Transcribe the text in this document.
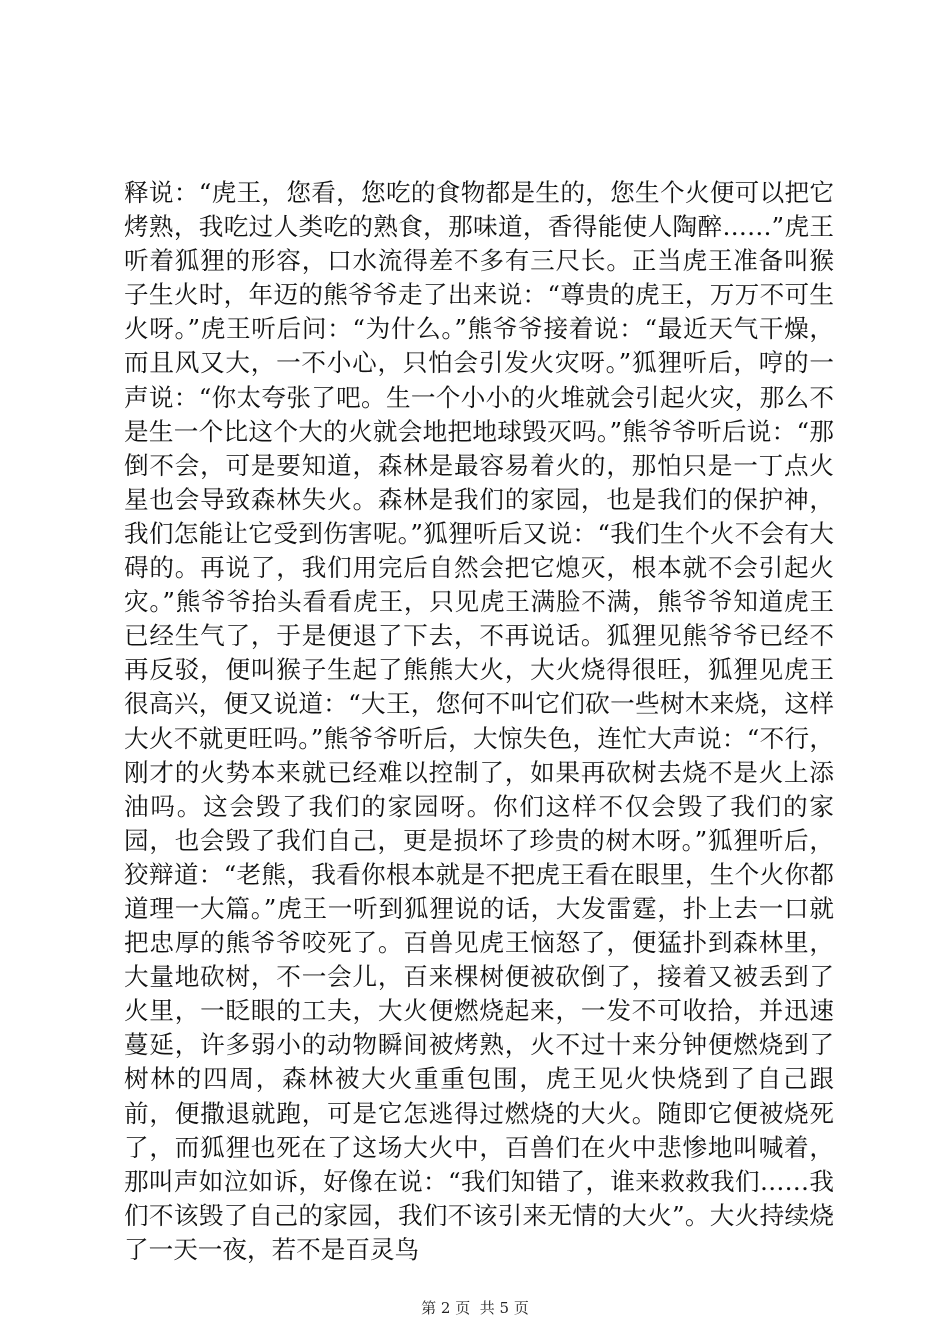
释说：“虎王，您看，您吃的食物都是生的，您生个火便可以把它烤熟，我吃过人类吃的熟食，那味道，香得能使人陶醉……”虎王听着狐狸的形容，口水流得差不多有三尺长。正当虎王准备叫猴子生火时，年迈的熊爷爷走了出来说：“尊贵的虎王，万万不可生火呀。”虎王听后问：“为什么。”熊爷爷接着说：“最近天气干燥，而且风又大，一不小心，只怕会引发火灾呀。”狐狸听后，哼的一声说：“你太夸张了吧。生一个小小的火堆就会引起火灾，那么不是生一个比这个大的火就会地把地球毁灭吗。”熊爷爷听后说：“那倒不会，可是要知道，森林是最容易着火的，那怕只是一丁点火星也会导致森林失火。森林是我们的家园，也是我们的保护神，我们怎能让它受到伤害呢。”狐狸听后又说：“我们生个火不会有大碍的。再说了，我们用完后自然会把它熄灭，根本就不会引起火灾。”熊爷爷抬头看看虎王，只见虎王满脸不满，熊爷爷知道虎王已经生气了，于是便退了下去，不再说话。狐狸见熊爷爷已经不再反驳，便叫猴子生起了熊熊大火，大火烧得很旺，狐狸见虎王很高兴，便又说道：“大王，您何不叫它们砍一些树木来烧，这样大火不就更旺吗。”熊爷爷听后，大惊失色，连忙大声说：“不行，刚才的火势本来就已经难以控制了，如果再砍树去烧不是火上添油吗。这会毁了我们的家园呀。你们这样不仅会毁了我们的家园，也会毁了我们自己，更是损坏了珍贵的树木呀。”狐狸听后，狡辩道：“老熊，我看你根本就是不把虎王看在眼里，生个火你都道理一大篇。”虎王一听到狐狸说的话，大发雷霆，扑上去一口就把忠厚的熊爷爷咬死了。百兽见虎王恼怒了，便猛扑到森林里，大量地砍树，不一会儿，百来棵树便被砍倒了，接着又被丢到了火里，一眨眼的工夫，大火便燃烧起来，一发不可收拾，并迅速蔓延，许多弱小的动物瞬间被烤熟，火不过十来分钟便燃烧到了树林的四周，森林被大火重重包围，虎王见火快烧到了自己跟前，便撒退就跑，可是它怎逃得过燃烧的大火。随即它便被烧死了，而狐狸也死在了这场大火中，百兽们在火中悲惨地叫喊着，那叫声如泣如诉，好像在说：“我们知错了，谁来救救我们……我们不该毁了自己的家园，我们不该引来无情的大火”。大火持续烧了一天一夜，若不是百灵鸟

第 2 页  共 5 页
